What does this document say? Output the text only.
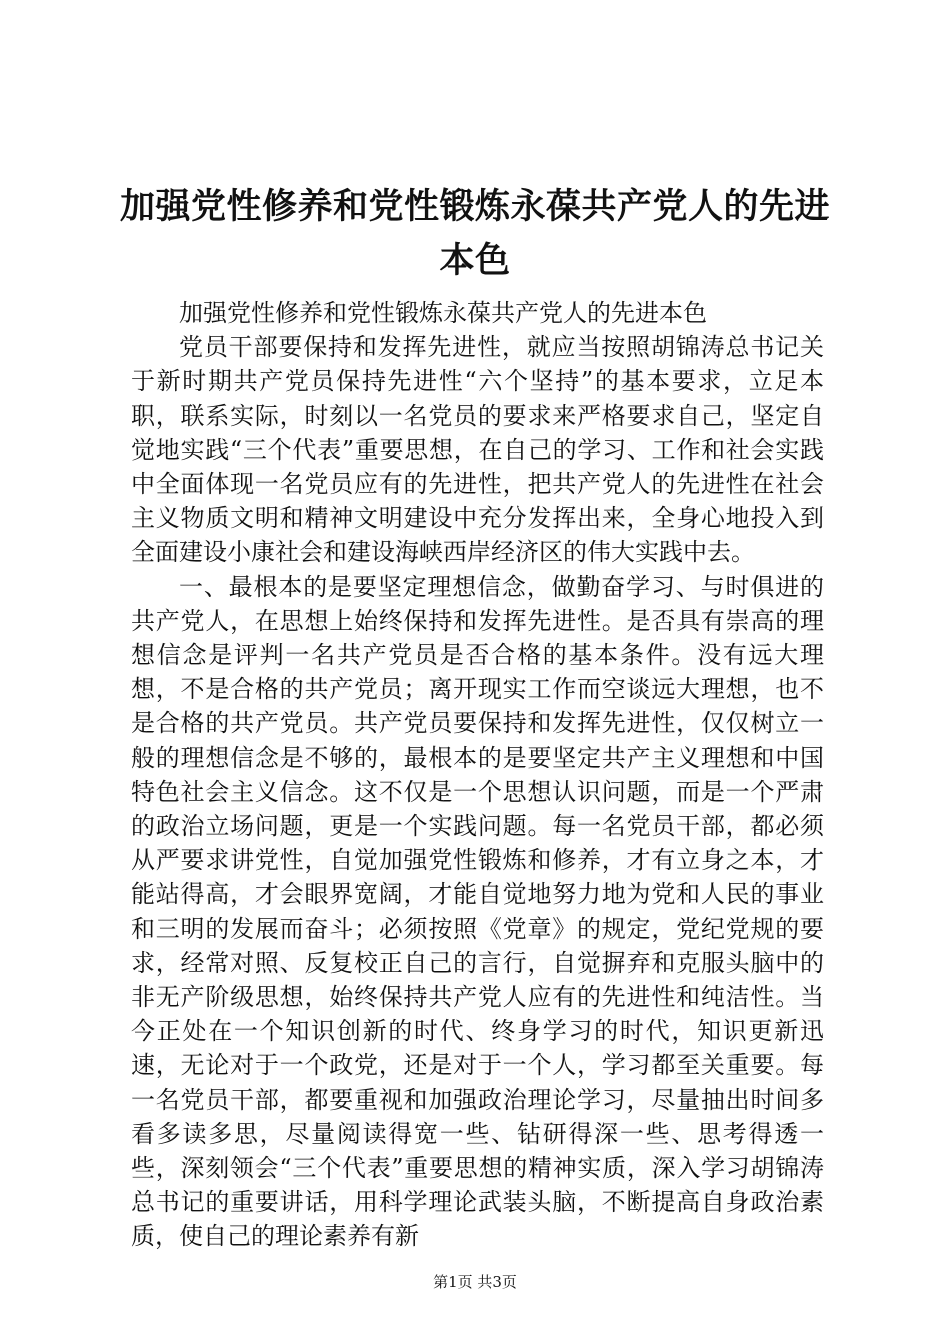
加强党性修养和党性锻炼永葆共产党人的先进本色

加强党性修养和党性锻炼永葆共产党人的先进本色

党员干部要保持和发挥先进性，就应当按照胡锦涛总书记关于新时期共产党员保持先进性“六个坚持”的基本要求，立足本职，联系实际，时刻以一名党员的要求来严格要求自己，坚定自觉地实践“三个代表”重要思想，在自己的学习、工作和社会实践中全面体现一名党员应有的先进性，把共产党人的先进性在社会主义物质文明和精神文明建设中充分发挥出来，全身心地投入到全面建设小康社会和建设海峡西岸经济区的伟大实践中去。

一、最根本的是要坚定理想信念，做勤奋学习、与时俱进的共产党人，在思想上始终保持和发挥先进性。是否具有崇高的理想信念是评判一名共产党员是否合格的基本条件。没有远大理想，不是合格的共产党员；离开现实工作而空谈远大理想，也不是合格的共产党员。共产党员要保持和发挥先进性，仅仅树立一般的理想信念是不够的，最根本的是要坚定共产主义理想和中国特色社会主义信念。这不仅是一个思想认识问题，而是一个严肃的政治立场问题，更是一个实践问题。每一名党员干部，都必须从严要求讲党性，自觉加强党性锻炼和修养，才有立身之本，才能站得高，才会眼界宽阔，才能自觉地努力地为党和人民的事业和三明的发展而奋斗；必须按照《党章》的规定，党纪党规的要求，经常对照、反复校正自己的言行，自觉摒弃和克服头脑中的非无产阶级思想，始终保持共产党人应有的先进性和纯洁性。当今正处在一个知识创新的时代、终身学习的时代，知识更新迅速，无论对于一个政党，还是对于一个人，学习都至关重要。每一名党员干部，都要重视和加强政治理论学习，尽量抽出时间多看多读多思，尽量阅读得宽一些、钻研得深一些、思考得透一些，深刻领会“三个代表”重要思想的精神实质，深入学习胡锦涛总书记的重要讲话，用科学理论武装头脑，不断提高自身政治素质，使自己的理论素养有新

第1页 共3页
